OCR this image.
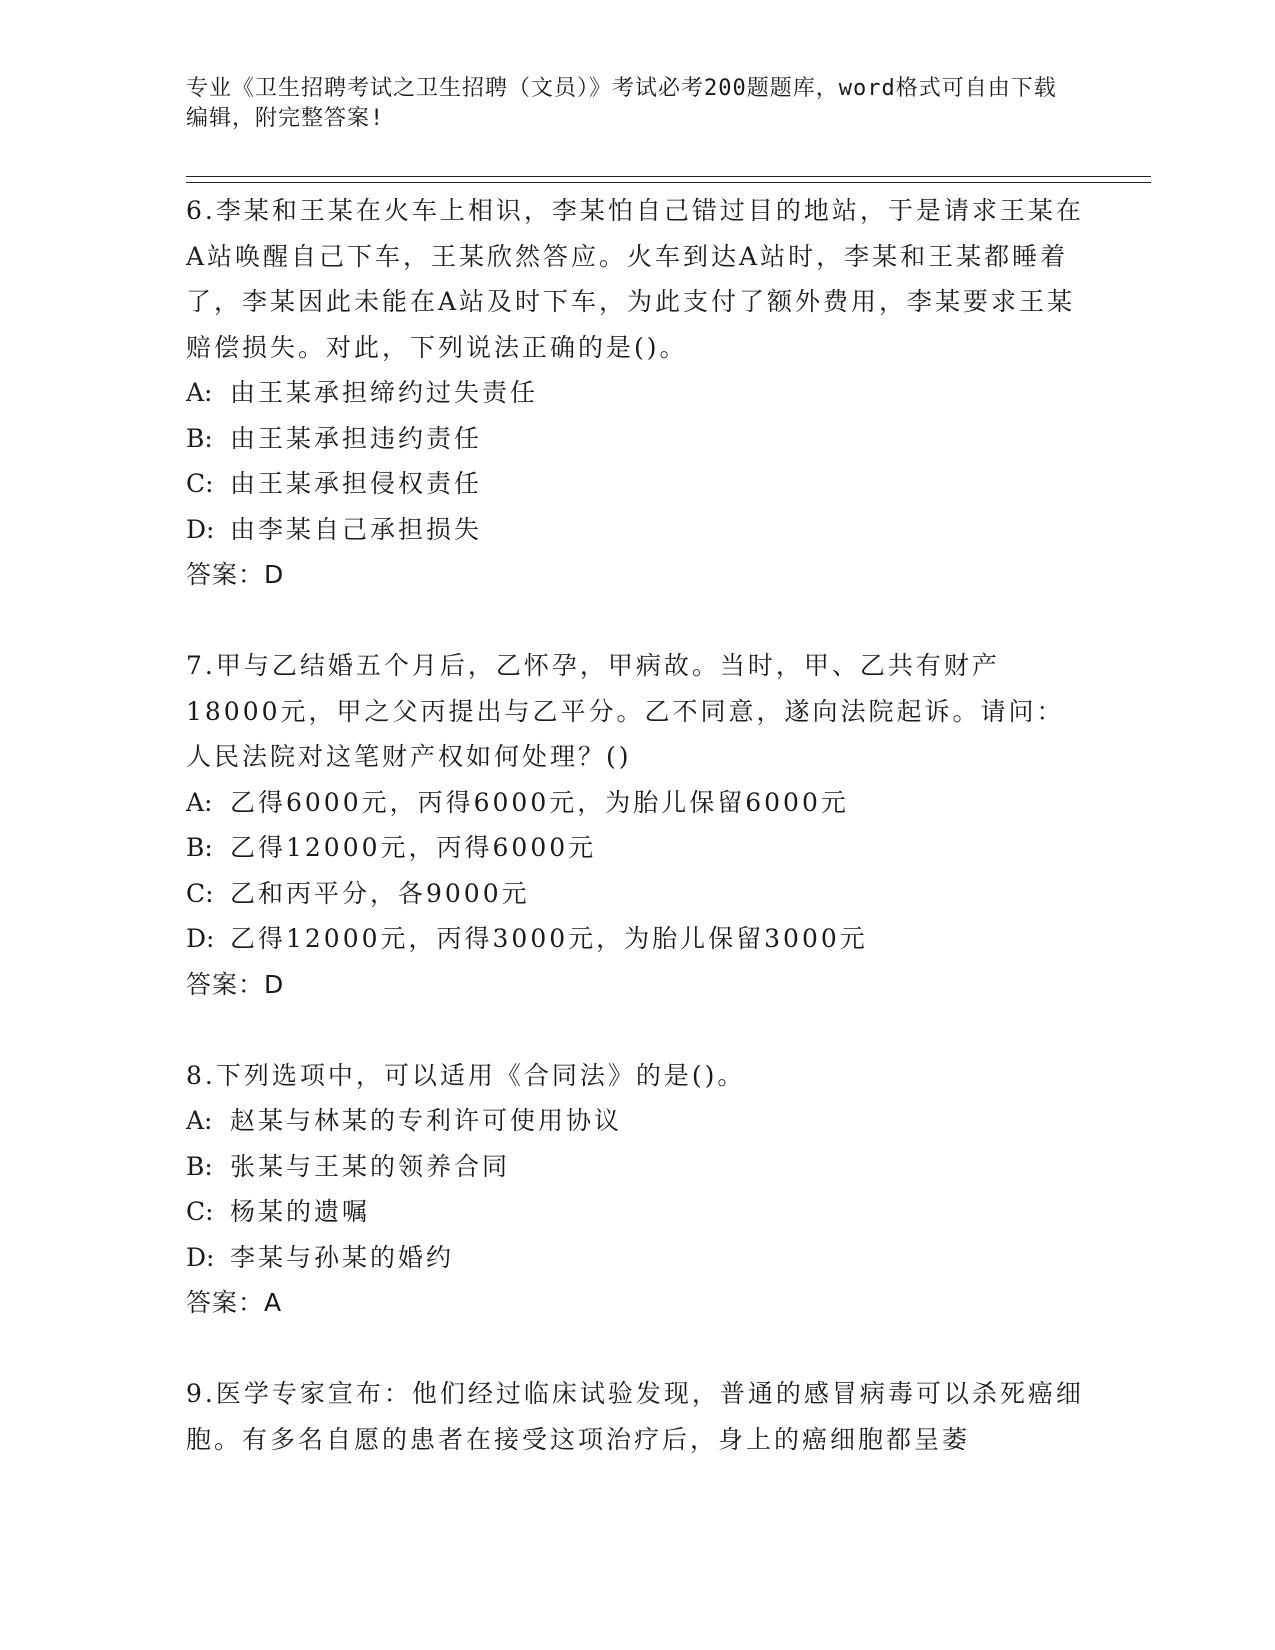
专业《卫生招聘考试之卫生招聘（文员）》考试必考200题题库，word格式可自由下载编辑，附完整答案!
6.李某和王某在火车上相识，李某怕自己错过目的地站，于是请求王某在A站唤醒自己下车，王某欣然答应。火车到达A站时，李某和王某都睡着了，李某因此未能在A站及时下车，为此支付了额外费用，李某要求王某赔偿损失。对此，下列说法正确的是()。
A: 由王某承担缔约过失责任
B: 由王某承担违约责任
C: 由王某承担侵权责任
D: 由李某自己承担损失
答案：D
7.甲与乙结婚五个月后，乙怀孕，甲病故。当时，甲、乙共有财产18000元，甲之父丙提出与乙平分。乙不同意，遂向法院起诉。请问：人民法院对这笔财产权如何处理？()
A: 乙得6000元，丙得6000元，为胎儿保留6000元
B: 乙得12000元，丙得6000元
C: 乙和丙平分，各9000元
D: 乙得12000元，丙得3000元，为胎儿保留3000元
答案：D
8.下列选项中，可以适用《合同法》的是()。
A: 赵某与林某的专利许可使用协议
B: 张某与王某的领养合同
C: 杨某的遗嘱
D: 李某与孙某的婚约
答案：A
9.医学专家宣布：他们经过临床试验发现，普通的感冒病毒可以杀死癌细胞。有多名自愿的患者在接受这项治疗后，身上的癌细胞都呈萎
